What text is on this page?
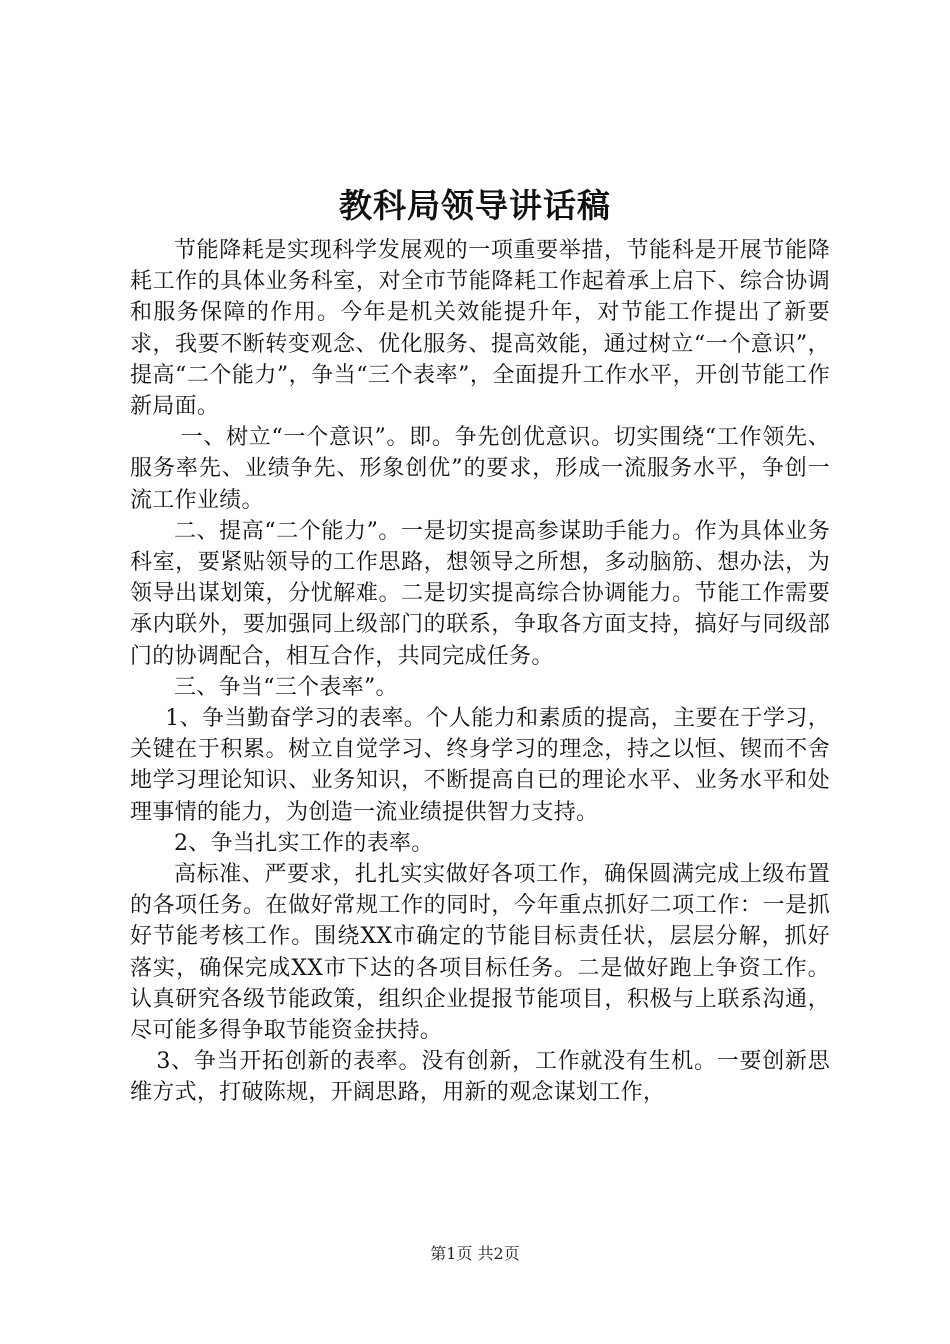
教科局领导讲话稿

节能降耗是实现科学发展观的一项重要举措，节能科是开展节能降耗工作的具体业务科室，对全市节能降耗工作起着承上启下、综合协调和服务保障的作用。今年是机关效能提升年，对节能工作提出了新要求，我要不断转变观念、优化服务、提高效能，通过树立“一个意识”，提高“二个能力”，争当“三个表率”，全面提升工作水平，开创节能工作新局面。

一、树立“一个意识”。即。争先创优意识。切实围绕“工作领先、服务率先、业绩争先、形象创优”的要求，形成一流服务水平，争创一流工作业绩。

二、提高“二个能力”。一是切实提高参谋助手能力。作为具体业务科室，要紧贴领导的工作思路，想领导之所想，多动脑筋、想办法，为领导出谋划策，分忧解难。二是切实提高综合协调能力。节能工作需要承内联外，要加强同上级部门的联系，争取各方面支持，搞好与同级部门的协调配合，相互合作，共同完成任务。

三、争当“三个表率”。

1、争当勤奋学习的表率。个人能力和素质的提高，主要在于学习，关键在于积累。树立自觉学习、终身学习的理念，持之以恒、锲而不舍地学习理论知识、业务知识，不断提高自已的理论水平、业务水平和处理事情的能力，为创造一流业绩提供智力支持。

2、争当扎实工作的表率。

高标准、严要求，扎扎实实做好各项工作，确保圆满完成上级布置的各项任务。在做好常规工作的同时，今年重点抓好二项工作：一是抓好节能考核工作。围绕XX市确定的节能目标责任状，层层分解，抓好落实，确保完成XX市下达的各项目标任务。二是做好跑上争资工作。认真研究各级节能政策，组织企业提报节能项目，积极与上联系沟通，尽可能多得争取节能资金扶持。

3、争当开拓创新的表率。没有创新，工作就没有生机。一要创新思维方式，打破陈规，开阔思路，用新的观念谋划工作，

第1页 共2页
